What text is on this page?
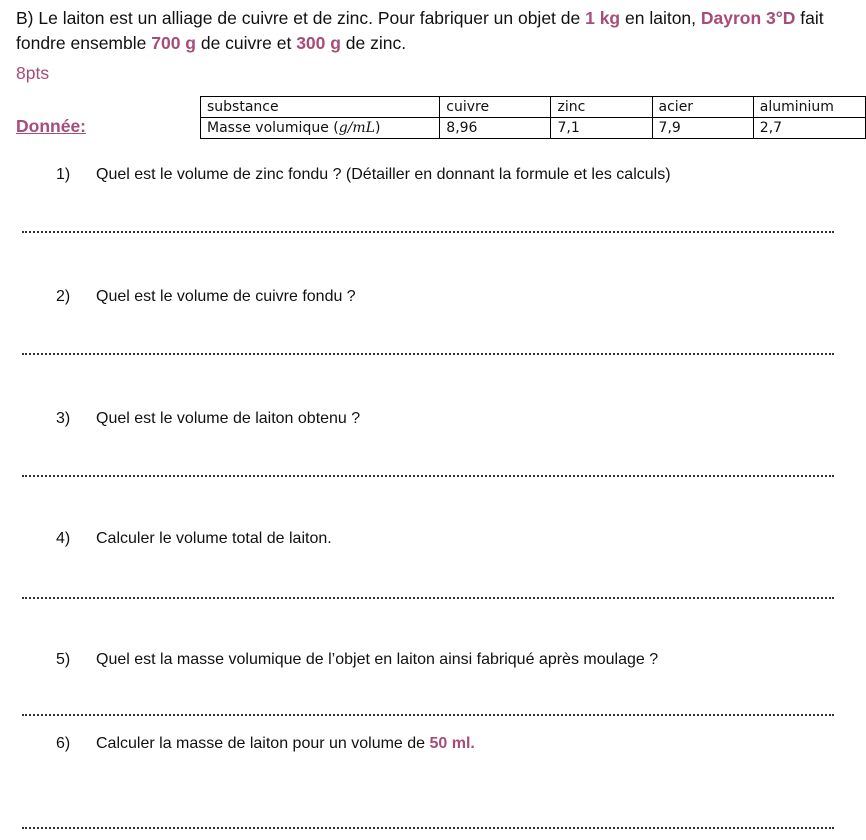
B) Le laiton est un alliage de cuivre et de zinc. Pour fabriquer un objet de 1 kg en laiton, Dayron 3°D fait fondre ensemble 700 g de cuivre et 300 g de zinc.
8pts
Donnée:
substance	cuivre	zinc	acier	aluminium
Masse volumique (g/mL)	8,96	7,1	7,9	2,7
1) Quel est le volume de zinc fondu ? (Détailler en donnant la formule et les calculs)
2) Quel est le volume de cuivre fondu ?
3) Quel est le volume de laiton obtenu ?
4) Calculer le volume total de laiton.
5) Quel est la masse volumique de l’objet en laiton ainsi fabriqué après moulage ?
6) Calculer la masse de laiton pour un volume de 50 ml.
